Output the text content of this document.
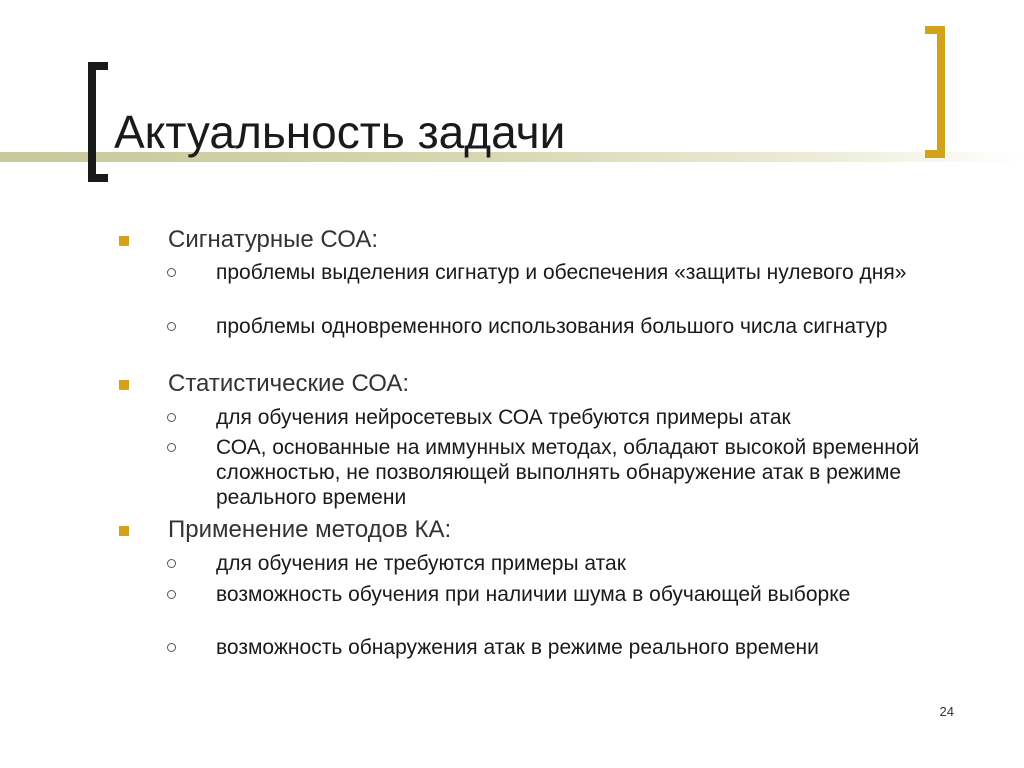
Актуальность задачи
Сигнатурные СОА:
проблемы выделения сигнатур и обеспечения «защиты нулевого дня»
проблемы одновременного использования большого числа сигнатур
Статистические СОА:
для обучения нейросетевых СОА требуются примеры атак
СОА, основанные на иммунных методах, обладают высокой временной сложностью, не позволяющей выполнять обнаружение атак в режиме реального времени
Применение методов КА:
для обучения не требуются примеры атак
возможность обучения при наличии шума в обучающей выборке
возможность обнаружения атак в режиме реального времени
24
